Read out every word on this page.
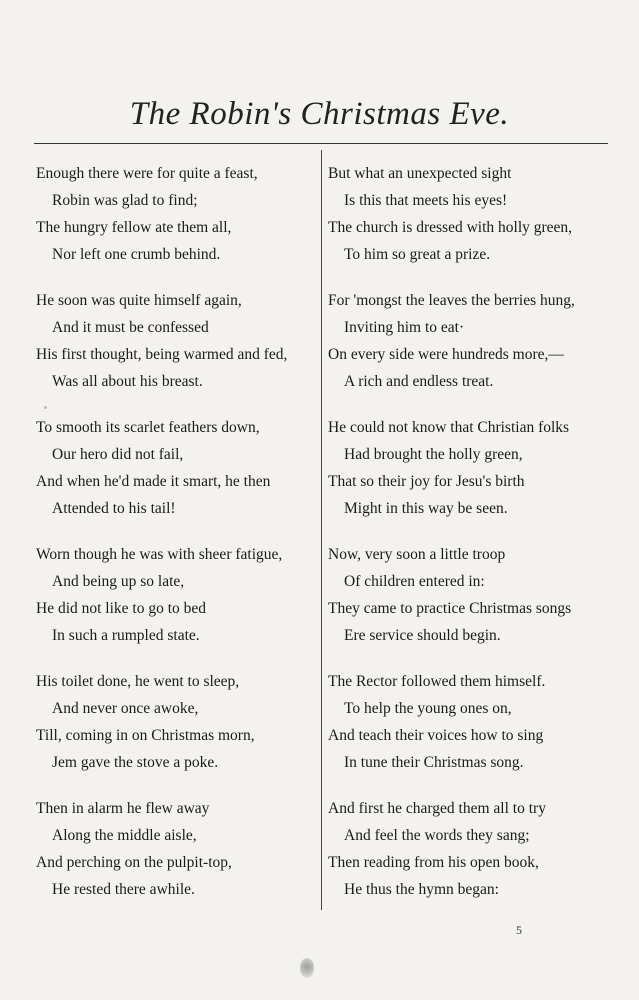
The Robin's Christmas Eve.
Enough there were for quite a feast,
Robin was glad to find;
The hungry fellow ate them all,
Nor left one crumb behind.
He soon was quite himself again,
And it must be confessed
His first thought, being warmed and fed,
Was all about his breast.
To smooth its scarlet feathers down,
Our hero did not fail,
And when he'd made it smart, he then
Attended to his tail!
Worn though he was with sheer fatigue,
And being up so late,
He did not like to go to bed
In such a rumpled state.
His toilet done, he went to sleep,
And never once awoke,
Till, coming in on Christmas morn,
Jem gave the stove a poke.
Then in alarm he flew away
Along the middle aisle,
And perching on the pulpit-top,
He rested there awhile.
But what an unexpected sight
Is this that meets his eyes!
The church is dressed with holly green,
To him so great a prize.
For 'mongst the leaves the berries hung,
Inviting him to eat·
On every side were hundreds more,—
A rich and endless treat.
He could not know that Christian folks
Had brought the holly green,
That so their joy for Jesu's birth
Might in this way be seen.
Now, very soon a little troop
Of children entered in:
They came to practice Christmas songs
Ere service should begin.
The Rector followed them himself.
To help the young ones on,
And teach their voices how to sing
In tune their Christmas song.
And first he charged them all to try
And feel the words they sang;
Then reading from his open book,
He thus the hymn began:
5
